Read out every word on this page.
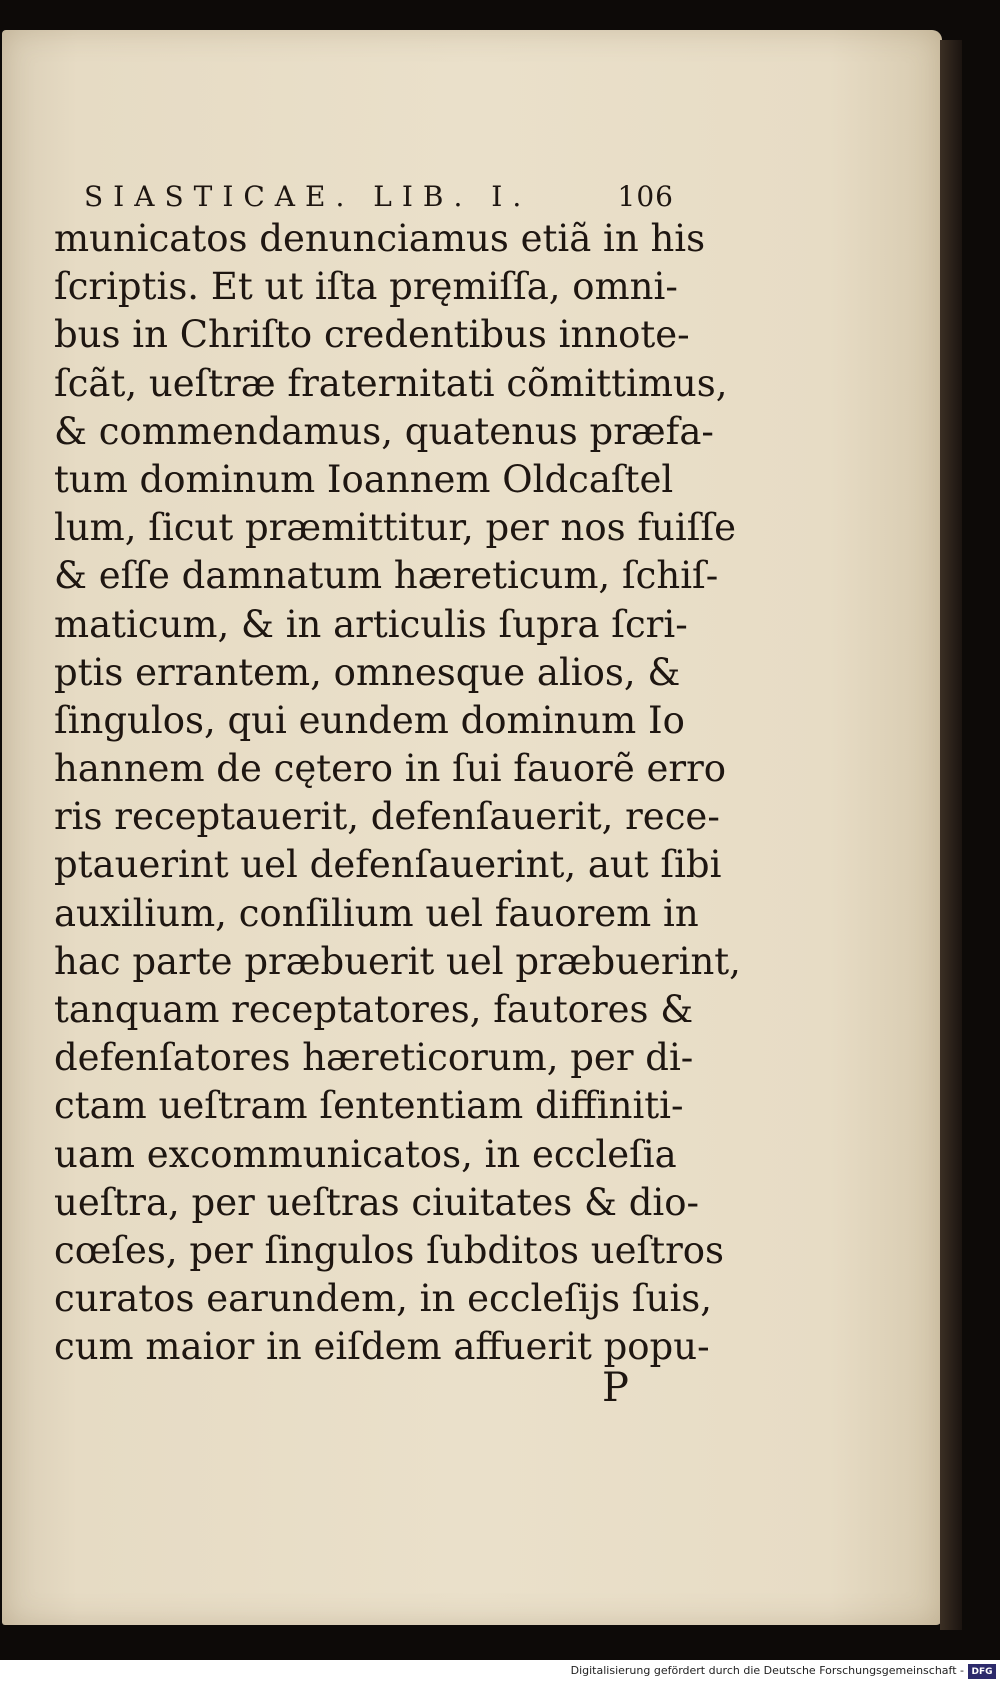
SIASTICAE. LIB. I.	106
municatos denunciamus etiã in his
ſcriptis. Et ut iſta pręmiſſa, omni-
bus in Chriſto credentibus innote-
ſcãt, ueſtræ fraternitati cõmittimus,
& commendamus, quatenus præfa-
tum dominum Ioannem Oldcaſtel
lum, ſicut præmittitur, per nos fuiſſe
& eſſe damnatum hæreticum, ſchiſ-
maticum, & in articulis ſupra ſcri-
ptis errantem, omnesque alios, &
ſingulos, qui eundem dominum Io
hannem de cętero in ſui fauorẽ erro
ris receptauerit, defenſauerit, rece-
ptauerint uel defenſauerint, aut ſibi
auxilium, conſilium uel fauorem in
hac parte præbuerit uel præbuerint,
tanquam receptatores, fautores &
defenſatores hæreticorum, per di-
ctam ueſtram ſententiam diffiniti-
uam excommunicatos, in eccleſia
ueſtra, per ueſtras ciuitates & dio-
cœſes, per ſingulos ſubditos ueſtros
curatos earundem, in eccleſijs ſuis,
cum maior in eiſdem affuerit popu-
P
Digitalisierung gefördert durch die Deutsche Forschungsgemeinschaft - DFG
